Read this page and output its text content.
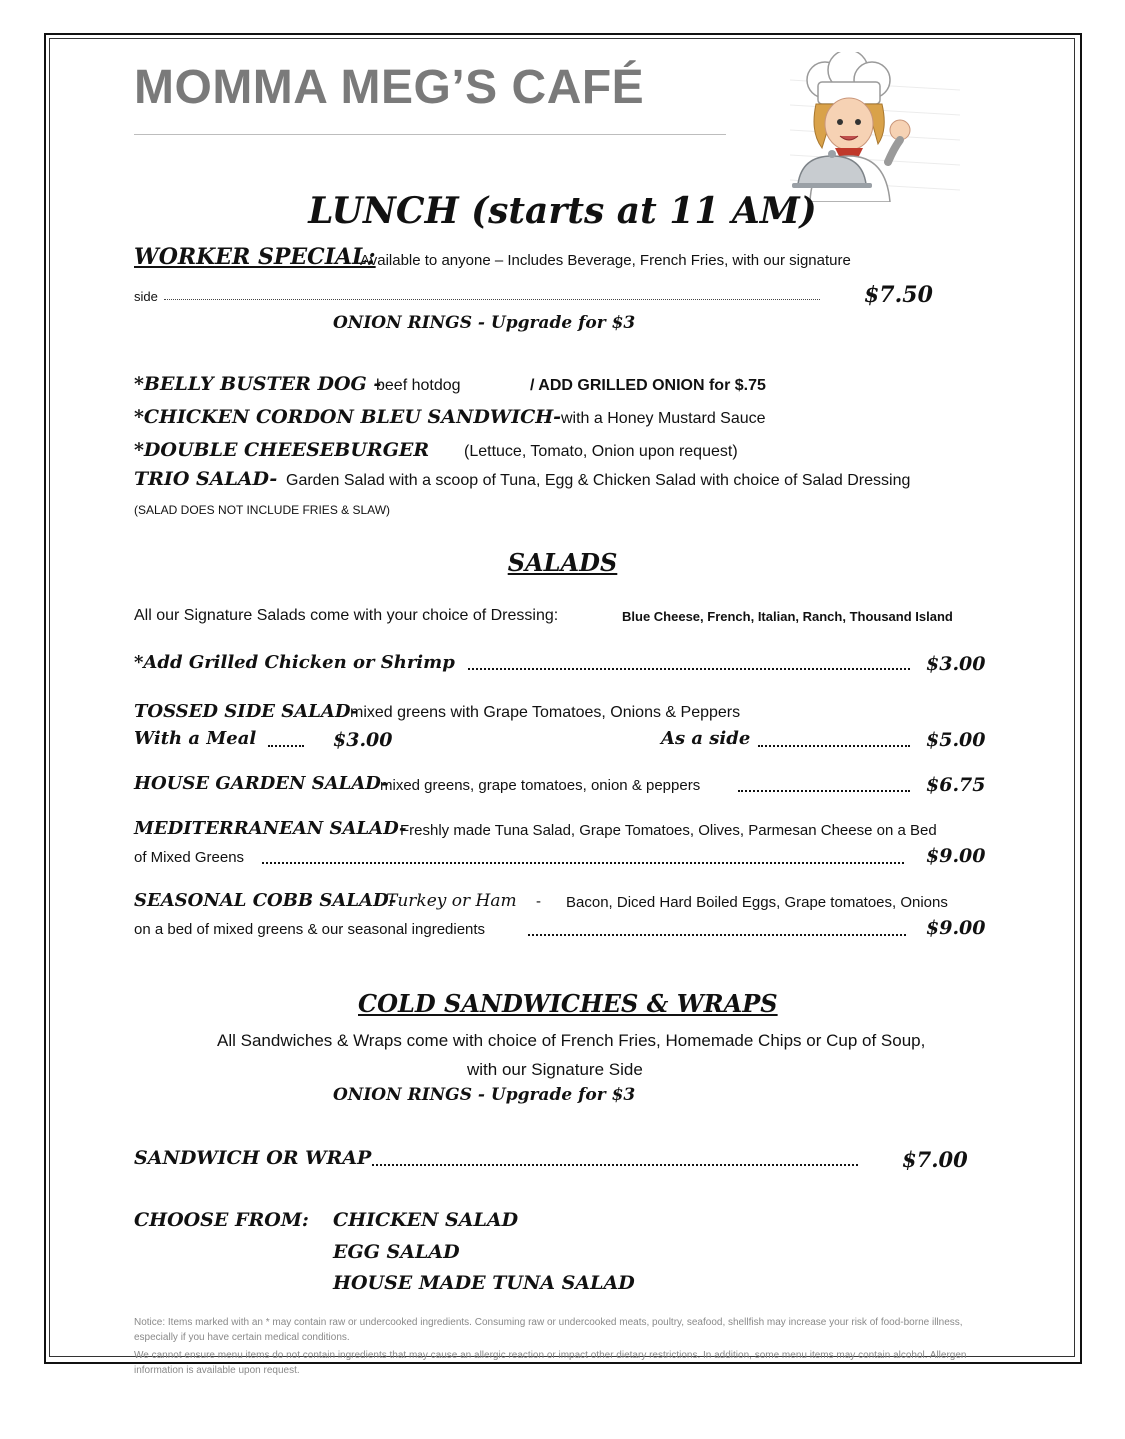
MOMMA MEG’S CAFÉ
LUNCH (starts at 11 AM)
WORKER SPECIAL:
Available to anyone – Includes Beverage, French Fries, with our signature
side	$7.50
ONION RINGS - Upgrade for $3
*BELLY BUSTER DOG -
beef hotdog	/ ADD GRILLED ONION for $.75
*CHICKEN CORDON BLEU SANDWICH- with a Honey Mustard Sauce
*DOUBLE CHEESEBURGER (Lettuce, Tomato, Onion upon request)
TRIO SALAD- Garden Salad with a scoop of Tuna, Egg & Chicken Salad with choice of Salad Dressing
(SALAD DOES NOT INCLUDE FRIES & SLAW)
SALADS
All our Signature Salads come with your choice of Dressing:	Blue Cheese, French, Italian, Ranch, Thousand Island
*Add Grilled Chicken or Shrimp	$3.00
TOSSED SIDE SALAD-
mixed greens with Grape Tomatoes, Onions & Peppers
With a Meal	$3.00	As a side	$5.00
HOUSE GARDEN SALAD-
mixed greens, grape tomatoes, onion & peppers	$6.75
MEDITERRANEAN SALAD-
Freshly made Tuna Salad, Grape Tomatoes, Olives, Parmesan Cheese on a Bed
of Mixed Greens	$9.00
SEASONAL COBB SALAD-
Turkey or Ham - Bacon, Diced Hard Boiled Eggs, Grape tomatoes, Onions
on a bed of mixed greens & our seasonal ingredients	$9.00
COLD SANDWICHES & WRAPS
All Sandwiches & Wraps come with choice of French Fries, Homemade Chips or Cup of Soup,
with our Signature Side
ONION RINGS - Upgrade for $3
SANDWICH OR WRAP	$7.00
CHOOSE FROM: CHICKEN SALAD
EGG SALAD
HOUSE MADE TUNA SALAD
Notice: Items marked with an * may contain raw or undercooked ingredients. Consuming raw or undercooked meats, poultry, seafood, shellfish may increase your risk of food-borne illness, especially if you have certain medical conditions.
We cannot ensure menu items do not contain ingredients that may cause an allergic reaction or impact other dietary restrictions. In addition, some menu items may contain alcohol. Allergen information is available upon request.
